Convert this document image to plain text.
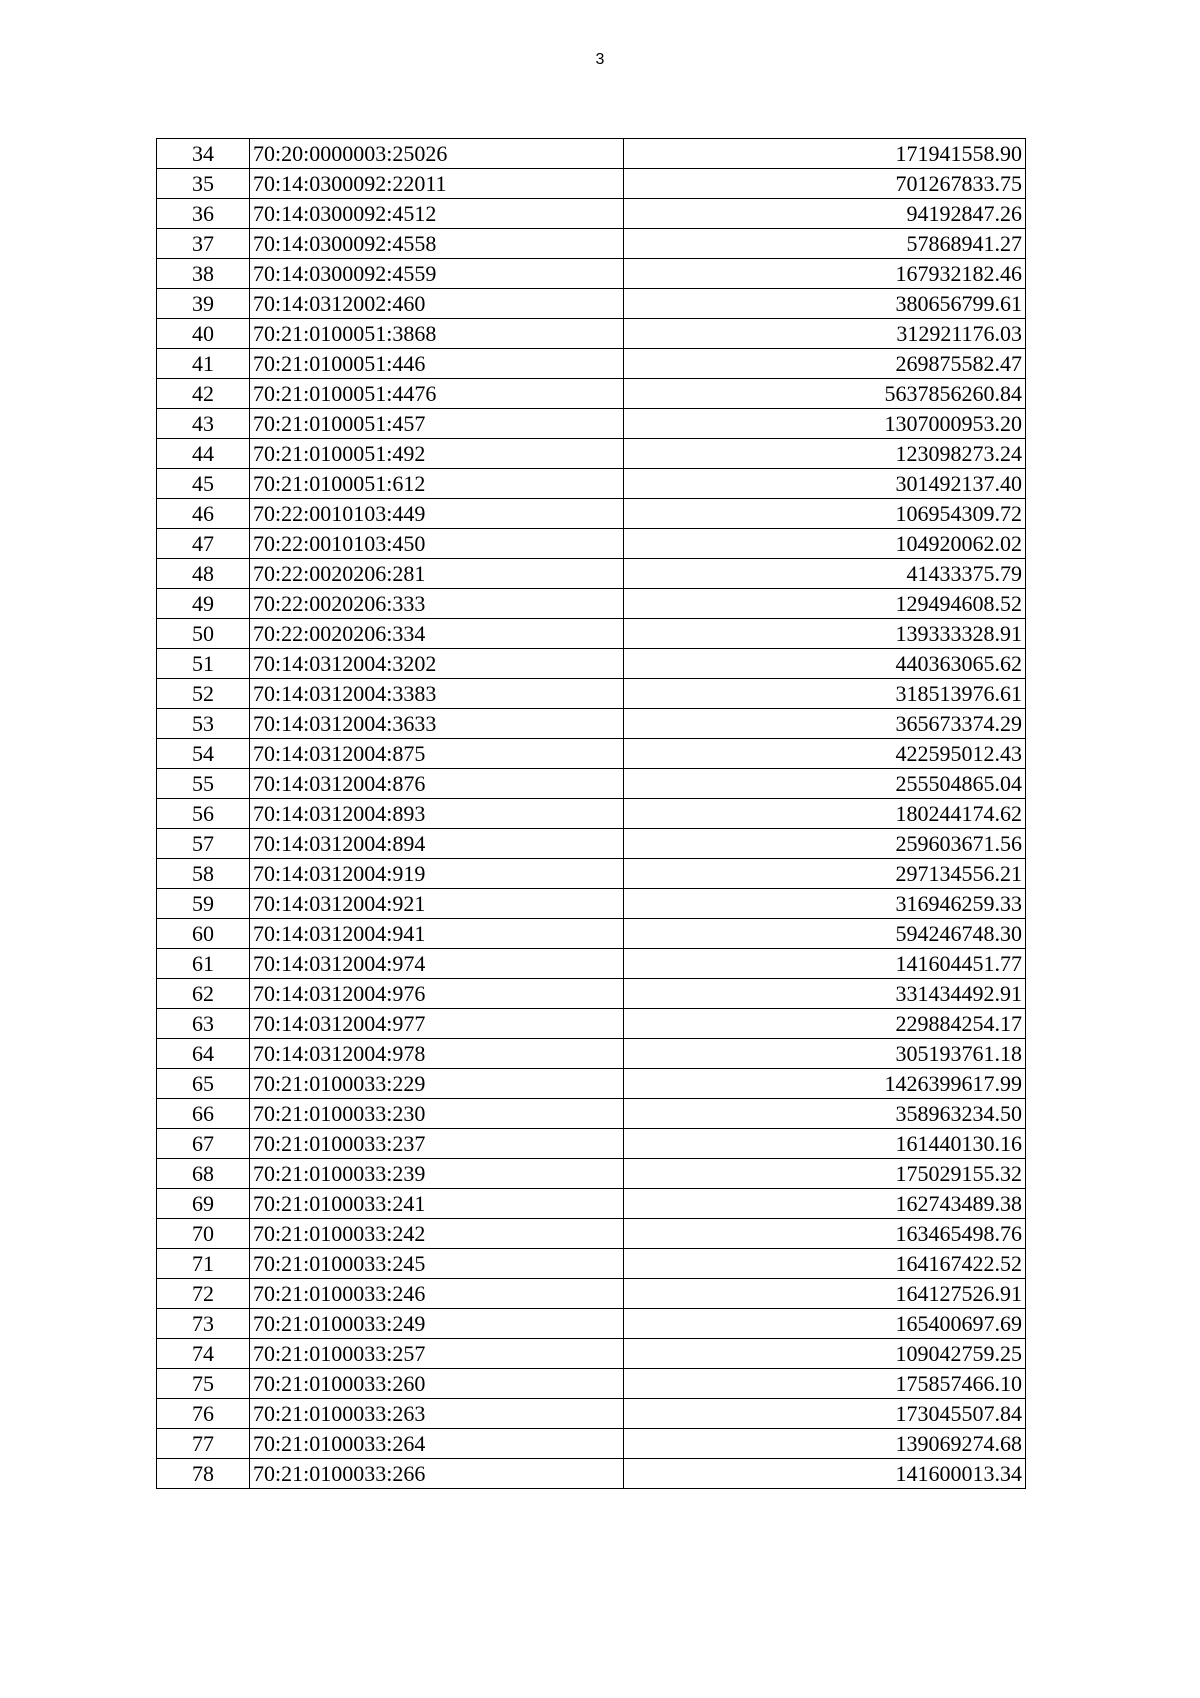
3
34	70:20:0000003:25026	171941558.90
35	70:14:0300092:22011	701267833.75
36	70:14:0300092:4512	94192847.26
37	70:14:0300092:4558	57868941.27
38	70:14:0300092:4559	167932182.46
39	70:14:0312002:460	380656799.61
40	70:21:0100051:3868	312921176.03
41	70:21:0100051:446	269875582.47
42	70:21:0100051:4476	5637856260.84
43	70:21:0100051:457	1307000953.20
44	70:21:0100051:492	123098273.24
45	70:21:0100051:612	301492137.40
46	70:22:0010103:449	106954309.72
47	70:22:0010103:450	104920062.02
48	70:22:0020206:281	41433375.79
49	70:22:0020206:333	129494608.52
50	70:22:0020206:334	139333328.91
51	70:14:0312004:3202	440363065.62
52	70:14:0312004:3383	318513976.61
53	70:14:0312004:3633	365673374.29
54	70:14:0312004:875	422595012.43
55	70:14:0312004:876	255504865.04
56	70:14:0312004:893	180244174.62
57	70:14:0312004:894	259603671.56
58	70:14:0312004:919	297134556.21
59	70:14:0312004:921	316946259.33
60	70:14:0312004:941	594246748.30
61	70:14:0312004:974	141604451.77
62	70:14:0312004:976	331434492.91
63	70:14:0312004:977	229884254.17
64	70:14:0312004:978	305193761.18
65	70:21:0100033:229	1426399617.99
66	70:21:0100033:230	358963234.50
67	70:21:0100033:237	161440130.16
68	70:21:0100033:239	175029155.32
69	70:21:0100033:241	162743489.38
70	70:21:0100033:242	163465498.76
71	70:21:0100033:245	164167422.52
72	70:21:0100033:246	164127526.91
73	70:21:0100033:249	165400697.69
74	70:21:0100033:257	109042759.25
75	70:21:0100033:260	175857466.10
76	70:21:0100033:263	173045507.84
77	70:21:0100033:264	139069274.68
78	70:21:0100033:266	141600013.34
